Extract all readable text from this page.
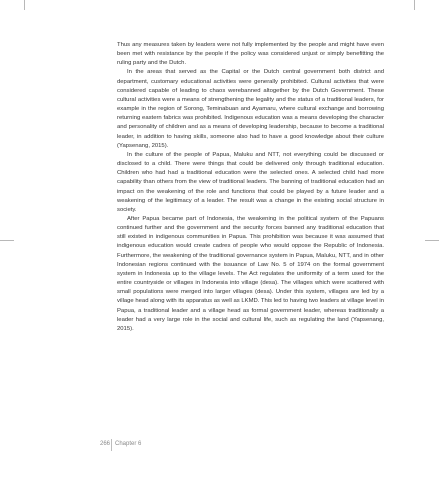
Thus any measures taken by leaders were not fully implemented by the people and might have even been met with resistance by the people if the policy was considered unjust or simply benefitting the ruling party and the Dutch.

In the areas that served as the Capital or the Dutch central government both district and department, customary educational activities were generally prohibited. Cultural activities that were considered capable of leading to chaos werebanned altogether by the Dutch Government. These cultural activities were a means of strengthening the legality and the status of a traditional leaders, for example in the region of Sorong, Teminabuan and Ayamaru, where cultural exchange and borrowing returning eastern fabrics was prohibited. Indigenous education was a means developing the character and personality of children and as a means of developing leadership, because to become a traditional leader, in addition to having skills, someone also had to have a good knowledge about their culture (Yapsenang, 2015).

In the culture of the people of Papua, Maluku and NTT, not everything could be discussed or disclosed to a child. There were things that could be delivered only through traditional education. Children who had had a traditional education were the selected ones. A selected child had more capability than others from the view of traditional leaders. The banning of traditional education had an impact on the weakening of the role and functions that could be played by a future leader and a weakening of the legitimacy of a leader. The result was a change in the existing social structure in society.

After Papua became part of Indonesia, the weakening in the political system of the Papuans continued further and the government and the security forces banned any traditional education that still existed in indigenous communities in Papua. This prohibition was because it was assumed that indigenous education would create cadres of people who would oppose the Republic of Indonesia. Furthermore, the weakening of the traditional governance system in Papua, Maluku, NTT, and in other Indonesian regions continued with the issuance of Law No. 5 of 1974 on the formal government system in Indonesia up to the village levels. The Act regulates the uniformity of a term used for the entire countryside or villages in Indonesia into village (desa). The villages which were scattered with small populations were merged into larger villages (desa). Under this system, villages are led by a village head along with its apparatus as well as LKMD. This led to having two leaders at village level in Papua, a traditional leader and a village head as formal government leader, whereas traditionally a leader had a very large role in the social and cultural life, such as regulating the land (Yapsenang, 2015).

266 Chapter 6
